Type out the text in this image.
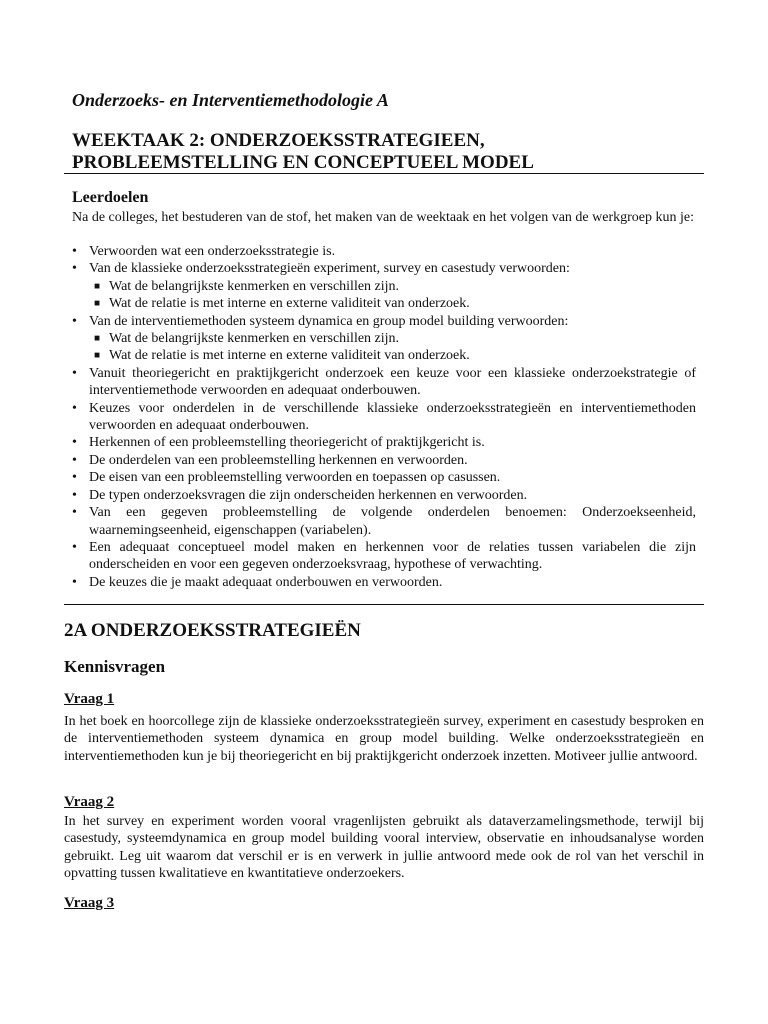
Onderzoeks- en Interventiemethodologie A
WEEKTAAK 2: ONDERZOEKSSTRATEGIEEN,
PROBLEEMSTELLING EN CONCEPTUEEL MODEL
Leerdoelen
Na de colleges, het bestuderen van de stof, het maken van de weektaak en het volgen van de werkgroep kun je:
• Verwoorden wat een onderzoeksstrategie is.
• Van de klassieke onderzoeksstrategieën experiment, survey en casestudy verwoorden:
■ Wat de belangrijkste kenmerken en verschillen zijn.
■ Wat de relatie is met interne en externe validiteit van onderzoek.
• Van de interventiemethoden systeem dynamica en group model building verwoorden:
■ Wat de belangrijkste kenmerken en verschillen zijn.
■ Wat de relatie is met interne en externe validiteit van onderzoek.
• Vanuit theoriegericht en praktijkgericht onderzoek een keuze voor een klassieke onderzoekstrategie of interventiemethode verwoorden en adequaat onderbouwen.
• Keuzes voor onderdelen in de verschillende klassieke onderzoeksstrategieën en interventiemethoden verwoorden en adequaat onderbouwen.
• Herkennen of een probleemstelling theoriegericht of praktijkgericht is.
• De onderdelen van een probleemstelling herkennen en verwoorden.
• De eisen van een probleemstelling verwoorden en toepassen op casussen.
• De typen onderzoeksvragen die zijn onderscheiden herkennen en verwoorden.
• Van een gegeven probleemstelling de volgende onderdelen benoemen: Onderzoekseenheid, waarnemingseenheid, eigenschappen (variabelen).
• Een adequaat conceptueel model maken en herkennen voor de relaties tussen variabelen die zijn onderscheiden en voor een gegeven onderzoeksvraag, hypothese of verwachting.
• De keuzes die je maakt adequaat onderbouwen en verwoorden.
2A ONDERZOEKSSTRATEGIEËN
Kennisvragen
Vraag 1
In het boek en hoorcollege zijn de klassieke onderzoeksstrategieën survey, experiment en casestudy besproken en de interventiemethoden systeem dynamica en group model building. Welke onderzoeksstrategieën en interventiemethoden kun je bij theoriegericht en bij praktijkgericht onderzoek inzetten. Motiveer jullie antwoord.
Vraag 2
In het survey en experiment worden vooral vragenlijsten gebruikt als dataverzamelingsmethode, terwijl bij casestudy, systeemdynamica en group model building vooral interview, observatie en inhoudsanalyse worden gebruikt. Leg uit waarom dat verschil er is en verwerk in jullie antwoord mede ook de rol van het verschil in opvatting tussen kwalitatieve en kwantitatieve onderzoekers.
Vraag 3
